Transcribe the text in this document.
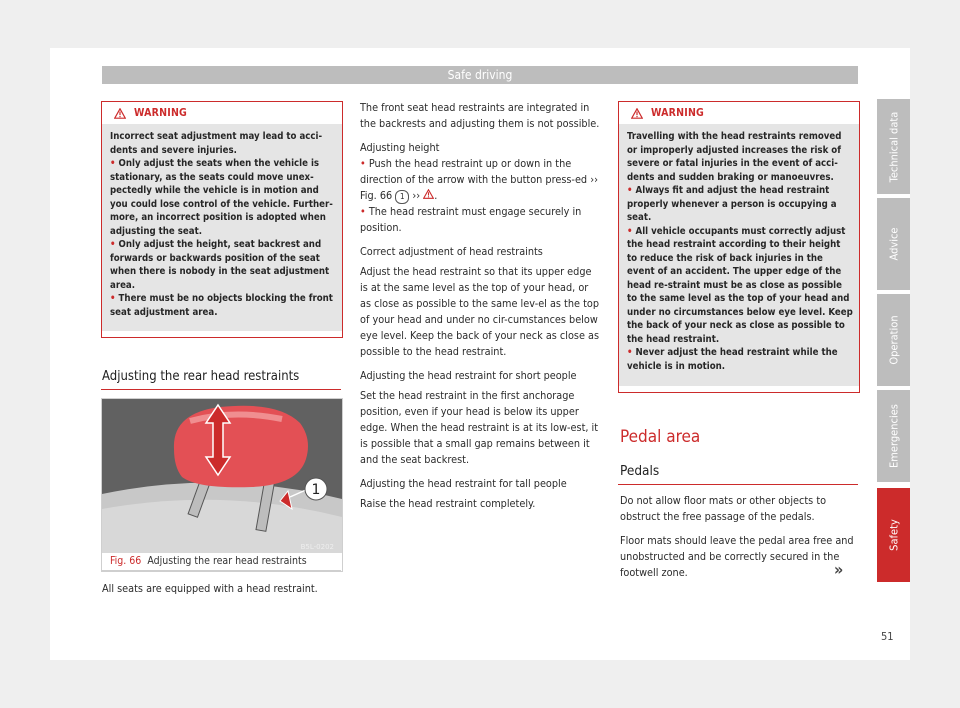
Safe driving
WARNING

Incorrect seat adjustment may lead to acci-dents and severe injuries.

• Only adjust the seats when the vehicle is stationary, as the seats could move unex-pectedly while the vehicle is in motion and you could lose control of the vehicle. Further-more, an incorrect position is adopted when adjusting the seat.

• Only adjust the height, seat backrest and forwards or backwards position of the seat when there is nobody in the seat adjustment area.

• There must be no objects blocking the front seat adjustment area.

Adjusting the rear head restraints
1
B5L-0202
Fig. 66 Adjusting the rear head restraints
All seats are equipped with a head restraint.

The front seat head restraints are integrated in the backrests and adjusting them is not possible.

Adjusting height

• Push the head restraint up or down in the direction of the arrow with the button press-ed ›› Fig. 66 1 ›› .

• The head restraint must engage securely in position.

Correct adjustment of head restraints

Adjust the head restraint so that its upper edge is at the same level as the top of your head, or as close as possible to the same lev-el as the top of your head and under no cir-cumstances below eye level. Keep the back of your neck as close as possible to the head restraint.

Adjusting the head restraint for short people

Set the head restraint in the first anchorage position, even if your head is below its upper edge. When the head restraint is at its low-est, it is possible that a small gap remains between it and the seat backrest.

Adjusting the head restraint for tall people

Raise the head restraint completely.

WARNING

Travelling with the head restraints removed or improperly adjusted increases the risk of severe or fatal injuries in the event of acci-dents and sudden braking or manoeuvres.

• Always fit and adjust the head restraint properly whenever a person is occupying a seat.

• All vehicle occupants must correctly adjust the head restraint according to their height to reduce the risk of back injuries in the event of an accident. The upper edge of the head re-straint must be as close as possible to the same level as the top of your head and under no circumstances below eye level. Keep the back of your neck as close as possible to the head restraint.

• Never adjust the head restraint while the vehicle is in motion.

Pedal area
Pedals

Do not allow floor mats or other objects to obstruct the free passage of the pedals.

Floor mats should leave the pedal area free and unobstructed and be correctly secured in the footwell zone.	»
Technical data
Advice
Operation
Emergencies
Safety
51
